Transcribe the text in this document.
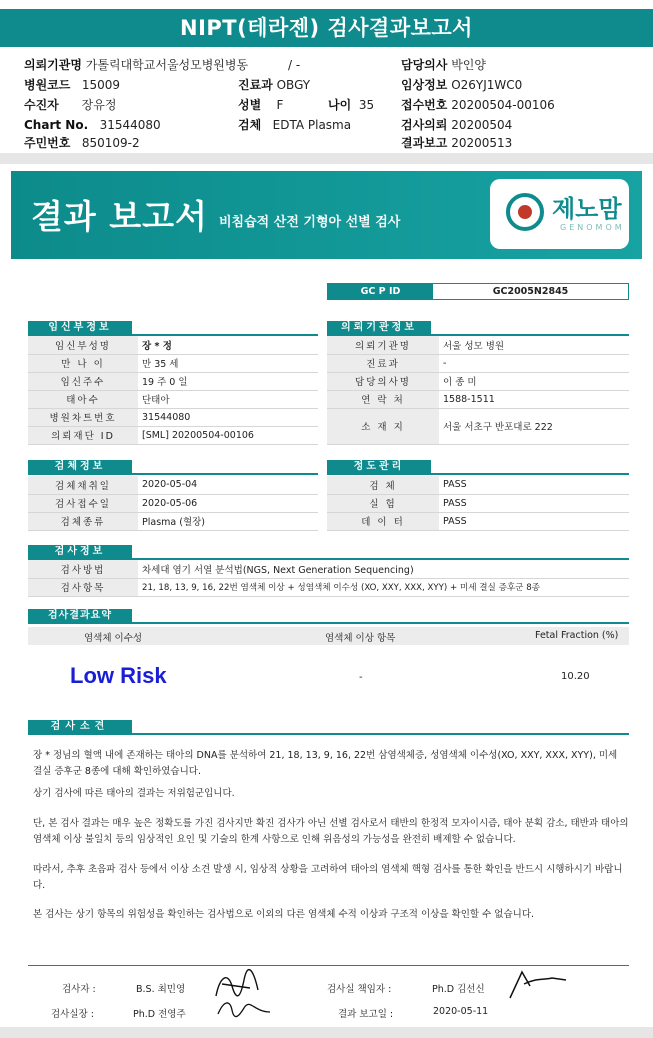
NIPT(테라젠) 검사결과보고서
의뢰기관명 가톨릭대학교서울성모병원병동	/ -	담당의사 박인양
병원코드 15009	진료과 OBGY	임상정보 O26YJ1WC0
수진자 장유정	성별 F	나이 35 접수번호 20200504-00106
Chart No. 31544080	검체 EDTA Plasma	검사의뢰 20200504
주민번호 850109-2	결과보고 20200513
결과 보고서 비침습적 산전 기형아 선별 검사	제노맘
GENOMOM
GC P ID	GC2005N2845
임신부정보
임신부성명	장 * 정
만 나 이	만 35 세
임신주수	19 주 0 일
태아수	단태아
병원차트번호	31544080
의뢰재단 ID	[SML] 20200504-00106
의뢰기관정보
의뢰기관명	서울 성모 병원
진료과	-
담당의사명	이 종 미
연 락 처	1588-1511
소 재 지	서울 서초구 반포대로 222
검체정보
검체채취일	2020-05-04
검사접수일	2020-05-06
검체종류	Plasma (혈장)
정도관리
검 체	PASS
실 험	PASS
데 이 터	PASS
검사정보
검사방법	차세대 염기 서열 분석법(NGS, Next Generation Sequencing)
검사항목	21, 18, 13, 9, 16, 22번 염색체 이상 + 성염색체 이수성 (XO, XXY, XXX, XYY) + 미세 결실 증후군 8종
검사결과요약
염색체 이수성	염색체 이상 항목	Fetal Fraction (%)
Low Risk	-	10.20
검사소견
장 * 정님의 혈액 내에 존재하는 태아의 DNA를 분석하여 21, 18, 13, 9, 16, 22번 삼염색체증, 성염색체 이수성(XO, XXY, XXX, XYY), 미세 결실 증후군 8종에 대해 확인하였습니다.
상기 검사에 따른 태아의 결과는 저위험군입니다.
단, 본 검사 결과는 매우 높은 정확도를 가진 검사지만 확진 검사가 아닌 선별 검사로서 태반의 한정적 모자이시즘, 태아 분획 감소, 태반과 태아의 염색체 이상 불일치 등의 임상적인 요인 및 기술의 한계 사항으로 인해 위음성의 가능성을 완전히 배제할 수 없습니다.
따라서, 추후 초음파 검사 등에서 이상 소견 발생 시, 임상적 상황을 고려하여 태아의 염색체 핵형 검사를 통한 확인을 반드시 시행하시기 바랍니다.
본 검사는 상기 항목의 위험성을 확인하는 검사법으로 이외의 다른 염색체 수적 이상과 구조적 이상을 확인할 수 없습니다.
검사자 :	B.S. 최민영	검사실 책임자 :	Ph.D 김선신
검사실장 :	Ph.D 전영주	결과 보고일 :	2020-05-11
